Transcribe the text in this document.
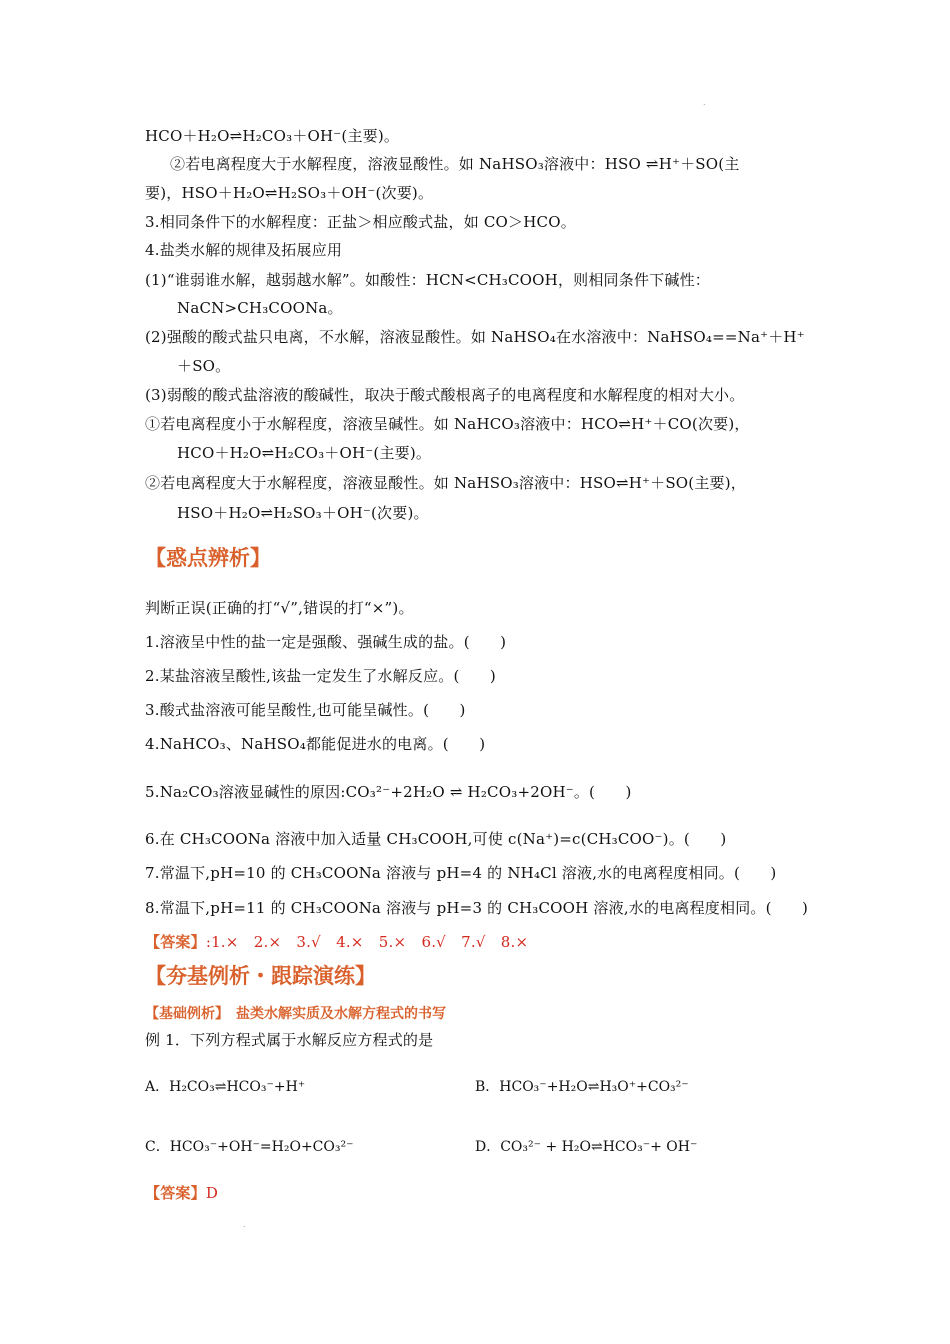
.
HCO＋H₂O⇌H₂CO₃＋OH⁻(主要)。
②若电离程度大于水解程度，溶液显酸性。如 NaHSO₃溶液中：HSO ⇌H⁺＋SO(主
要)，HSO＋H₂O⇌H₂SO₃＋OH⁻(次要)。
3.相同条件下的水解程度：正盐＞相应酸式盐，如 CO＞HCO。
4.盐类水解的规律及拓展应用
(1)“谁弱谁水解，越弱越水解”。如酸性：HCN<CH₃COOH，则相同条件下碱性：
NaCN>CH₃COONa。
(2)强酸的酸式盐只电离，不水解，溶液显酸性。如 NaHSO₄在水溶液中：NaHSO₄==Na⁺＋H⁺
＋SO。
(3)弱酸的酸式盐溶液的酸碱性，取决于酸式酸根离子的电离程度和水解程度的相对大小。
①若电离程度小于水解程度，溶液呈碱性。如 NaHCO₃溶液中：HCO⇌H⁺＋CO(次要)，
HCO＋H₂O⇌H₂CO₃＋OH⁻(主要)。
②若电离程度大于水解程度，溶液显酸性。如 NaHSO₃溶液中：HSO⇌H⁺＋SO(主要)，
HSO＋H₂O⇌H₂SO₃＋OH⁻(次要)。
【惑点辨析】
判断正误(正确的打“√”,错误的打“×”)。
1.溶液呈中性的盐一定是强酸、强碱生成的盐。(　　)
2.某盐溶液呈酸性,该盐一定发生了水解反应。(　　)
3.酸式盐溶液可能呈酸性,也可能呈碱性。(　　)
4.NaHCO₃、NaHSO₄都能促进水的电离。(　　)
5.Na₂CO₃溶液显碱性的原因:CO₃²⁻+2H₂O ⇌ H₂CO₃+2OH⁻。(　　)
6.在 CH₃COONa 溶液中加入适量 CH₃COOH,可使 c(Na⁺)=c(CH₃COO⁻)。(　　)
7.常温下,pH=10 的 CH₃COONa 溶液与 pH=4 的 NH₄Cl 溶液,水的电离程度相同。(　　)
8.常温下,pH=11 的 CH₃COONa 溶液与 pH=3 的 CH₃COOH 溶液,水的电离程度相同。(　　)
【答案】:1.×　2.×　3.√　4.×　5.×　6.√　7.√　8.×
【夯基例析・跟踪演练】
【基础例析】　盐类水解实质及水解方程式的书写
例 1．下列方程式属于水解反应方程式的是
A．H₂CO₃⇌HCO₃⁻+H⁺	B．HCO₃⁻+H₂O⇌H₃O⁺+CO₃²⁻
C．HCO₃⁻+OH⁻=H₂O+CO₃²⁻	D．CO₃²⁻ + H₂O⇌HCO₃⁻+ OH⁻
【答案】D
.
